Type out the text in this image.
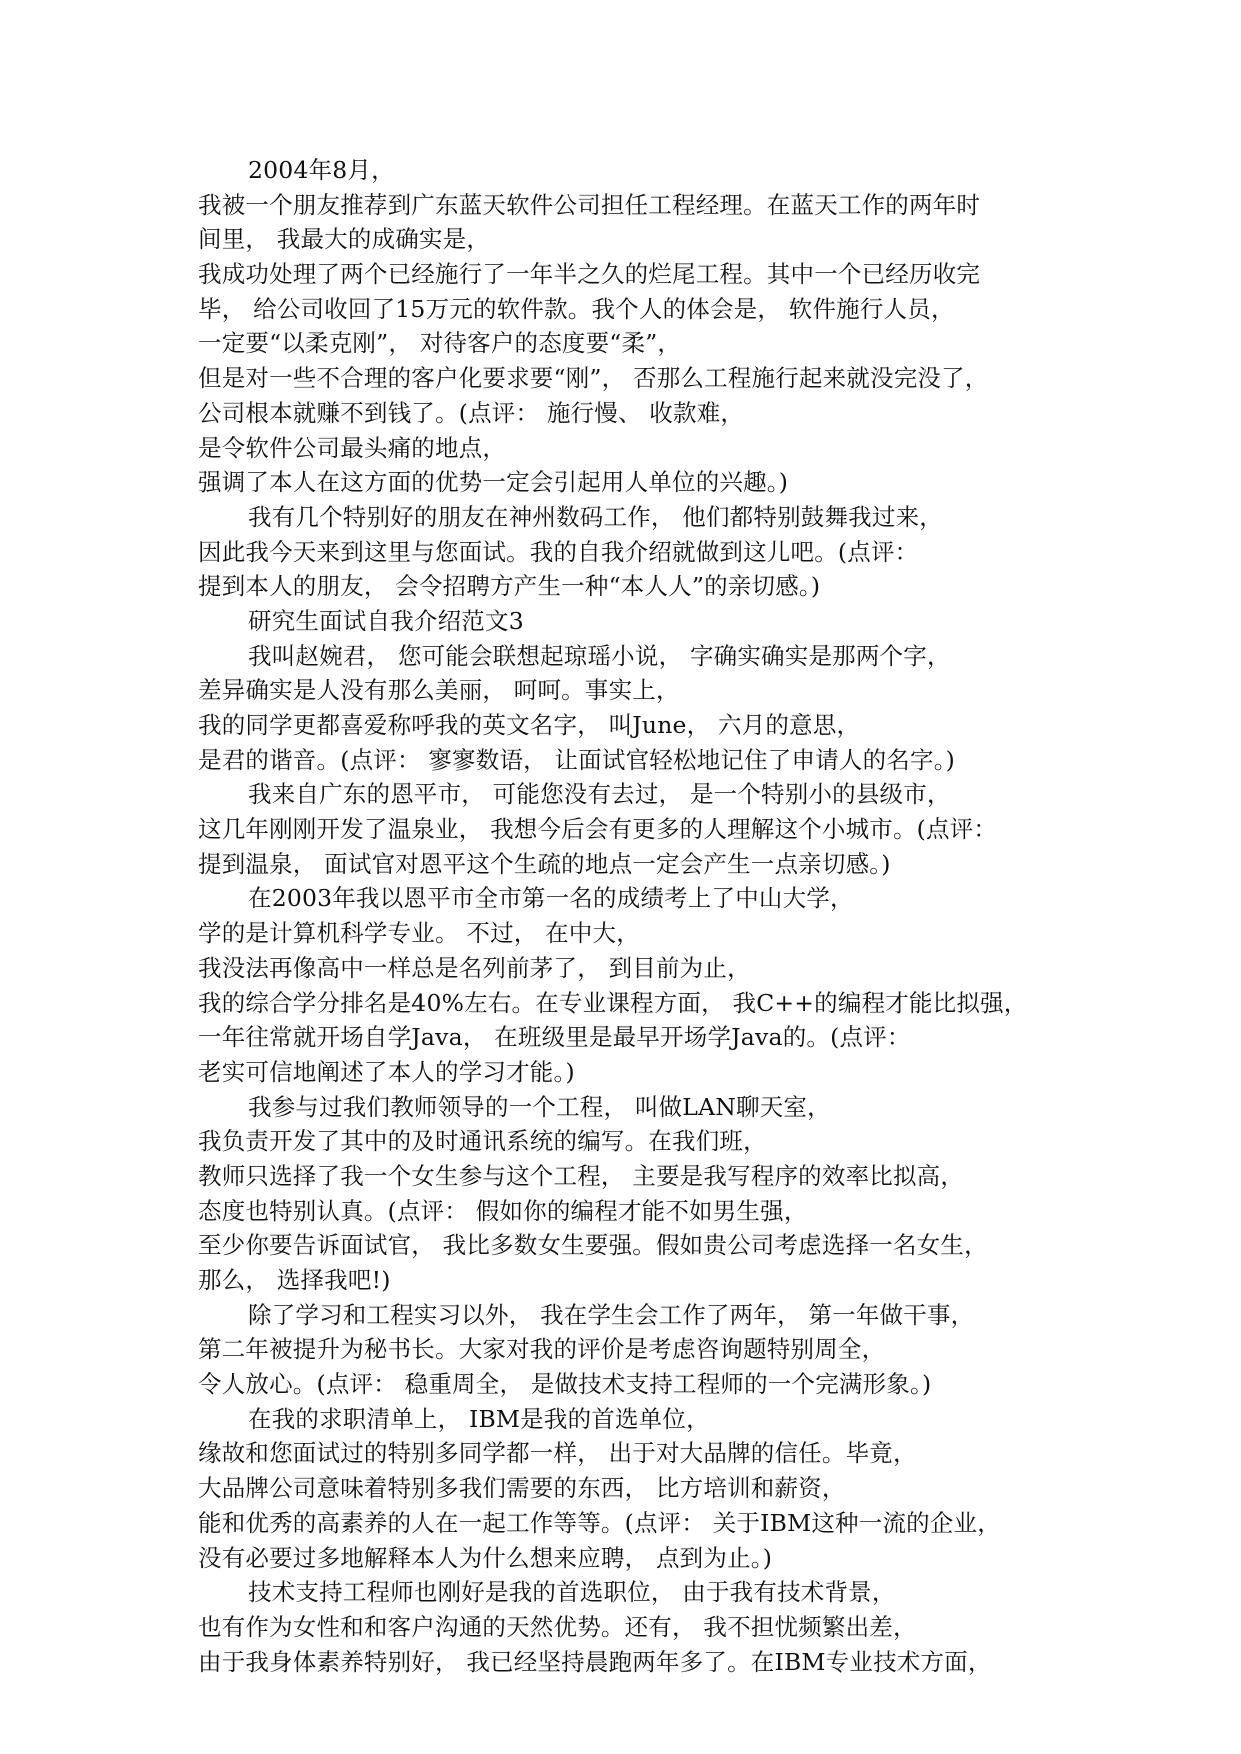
2004年8月，
我被一个朋友推荐到广东蓝天软件公司担任工程经理。在蓝天工作的两年时
间里， 我最大的成确实是，
我成功处理了两个已经施行了一年半之久的烂尾工程。其中一个已经历收完
毕， 给公司收回了15万元的软件款。我个人的体会是， 软件施行人员，
一定要“以柔克刚”， 对待客户的态度要“柔”，
但是对一些不合理的客户化要求要“刚”， 否那么工程施行起来就没完没了，
公司根本就赚不到钱了。(点评： 施行慢、 收款难，
是令软件公司最头痛的地点，
强调了本人在这方面的优势一定会引起用人单位的兴趣。)
我有几个特别好的朋友在神州数码工作， 他们都特别鼓舞我过来，
因此我今天来到这里与您面试。我的自我介绍就做到这儿吧。(点评：
提到本人的朋友， 会令招聘方产生一种“本人人”的亲切感。)
研究生面试自我介绍范文3
我叫赵婉君， 您可能会联想起琼瑶小说， 字确实确实是那两个字，
差异确实是人没有那么美丽， 呵呵。事实上，
我的同学更都喜爱称呼我的英文名字， 叫June， 六月的意思，
是君的谐音。(点评： 寥寥数语， 让面试官轻松地记住了申请人的名字。)
我来自广东的恩平市， 可能您没有去过， 是一个特别小的县级市，
这几年刚刚开发了温泉业， 我想今后会有更多的人理解这个小城市。(点评：
提到温泉， 面试官对恩平这个生疏的地点一定会产生一点亲切感。)
在2003年我以恩平市全市第一名的成绩考上了中山大学，
学的是计算机科学专业。 不过， 在中大，
我没法再像高中一样总是名列前茅了， 到目前为止，
我的综合学分排名是40%左右。在专业课程方面， 我C++的编程才能比拟强，
一年往常就开场自学Java， 在班级里是最早开场学Java的。(点评：
老实可信地阐述了本人的学习才能。)
我参与过我们教师领导的一个工程， 叫做LAN聊天室，
我负责开发了其中的及时通讯系统的编写。在我们班，
教师只选择了我一个女生参与这个工程， 主要是我写程序的效率比拟高，
态度也特别认真。(点评： 假如你的编程才能不如男生强，
至少你要告诉面试官， 我比多数女生要强。假如贵公司考虑选择一名女生，
那么， 选择我吧!)
除了学习和工程实习以外， 我在学生会工作了两年， 第一年做干事，
第二年被提升为秘书长。大家对我的评价是考虑咨询题特别周全，
令人放心。(点评： 稳重周全， 是做技术支持工程师的一个完满形象。)
在我的求职清单上， IBM是我的首选单位，
缘故和您面试过的特别多同学都一样， 出于对大品牌的信任。毕竟，
大品牌公司意味着特别多我们需要的东西， 比方培训和薪资，
能和优秀的高素养的人在一起工作等等。(点评： 关于IBM这种一流的企业，
没有必要过多地解释本人为什么想来应聘， 点到为止。)
技术支持工程师也刚好是我的首选职位， 由于我有技术背景，
也有作为女性和和客户沟通的天然优势。还有， 我不担忧频繁出差，
由于我身体素养特别好， 我已经坚持晨跑两年多了。在IBM专业技术方面，
